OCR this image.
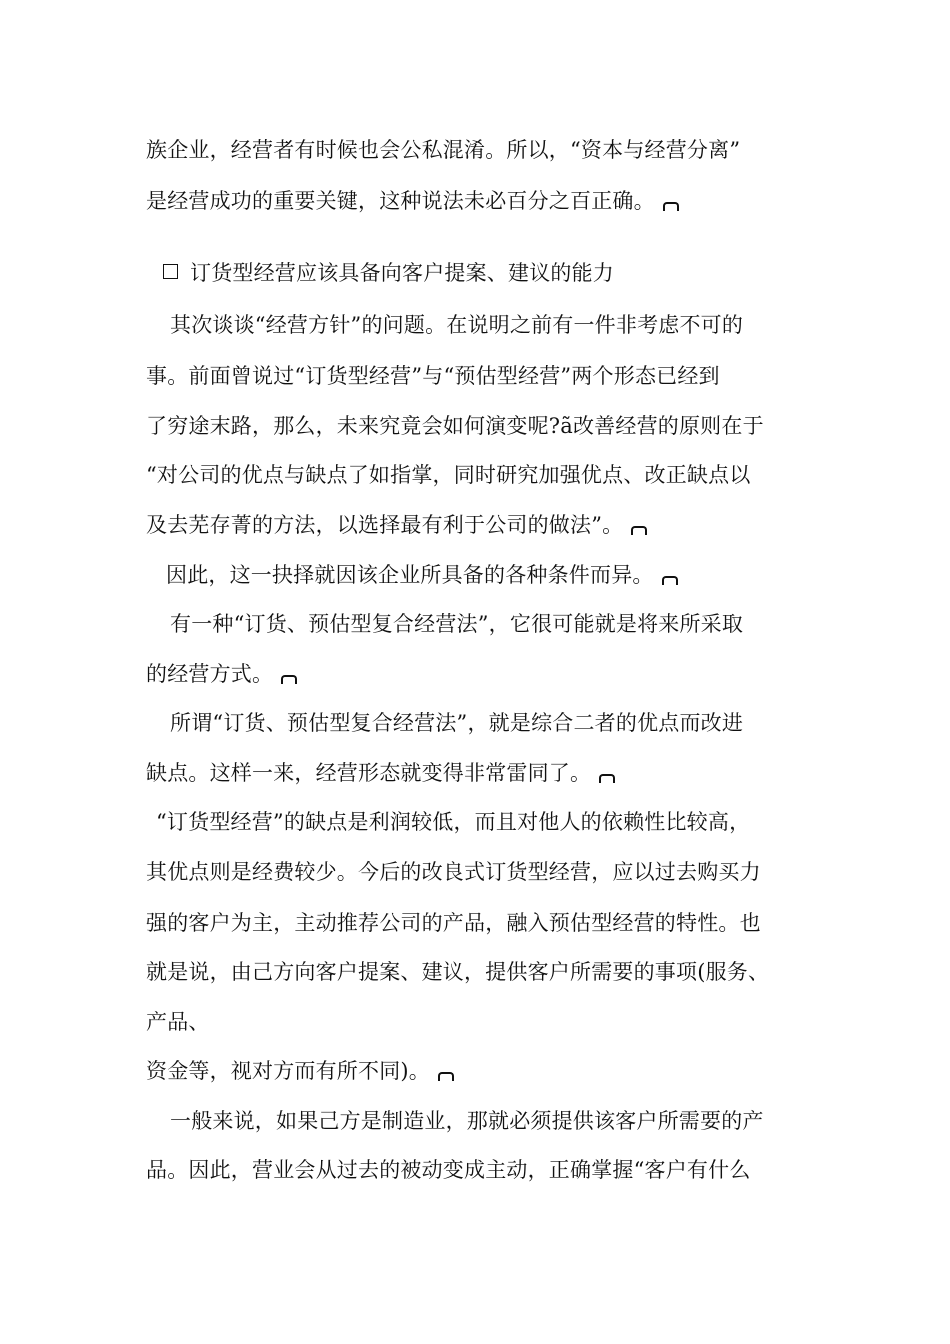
族企业，经营者有时候也会公私混淆。所以，“资本与经营分离”
是经营成功的重要关键，这种说法未必百分之百正确。
订货型经营应该具备向客户提案、建议的能力
其次谈谈“经营方针”的问题。在说明之前有一件非考虑不可的
事。前面曾说过“订货型经营”与“预估型经营”两个形态已经到
了穷途末路，那么，未来究竟会如何演变呢?ã改善经营的原则在于
“对公司的优点与缺点了如指掌，同时研究加强优点、改正缺点以
及去芜存菁的方法，以选择最有利于公司的做法”。
因此，这一抉择就因该企业所具备的各种条件而异。
有一种“订货、预估型复合经营法”，它很可能就是将来所采取
的经营方式。
所谓“订货、预估型复合经营法”，就是综合二者的优点而改进
缺点。这样一来，经营形态就变得非常雷同了。
“订货型经营”的缺点是利润较低，而且对他人的依赖性比较高，
其优点则是经费较少。今后的改良式订货型经营，应以过去购买力
强的客户为主，主动推荐公司的产品，融入预估型经营的特性。也
就是说，由己方向客户提案、建议，提供客户所需要的事项(服务、
产品、
资金等，视对方而有所不同)。
一般来说，如果己方是制造业，那就必须提供该客户所需要的产
品。因此，营业会从过去的被动变成主动，正确掌握“客户有什么
